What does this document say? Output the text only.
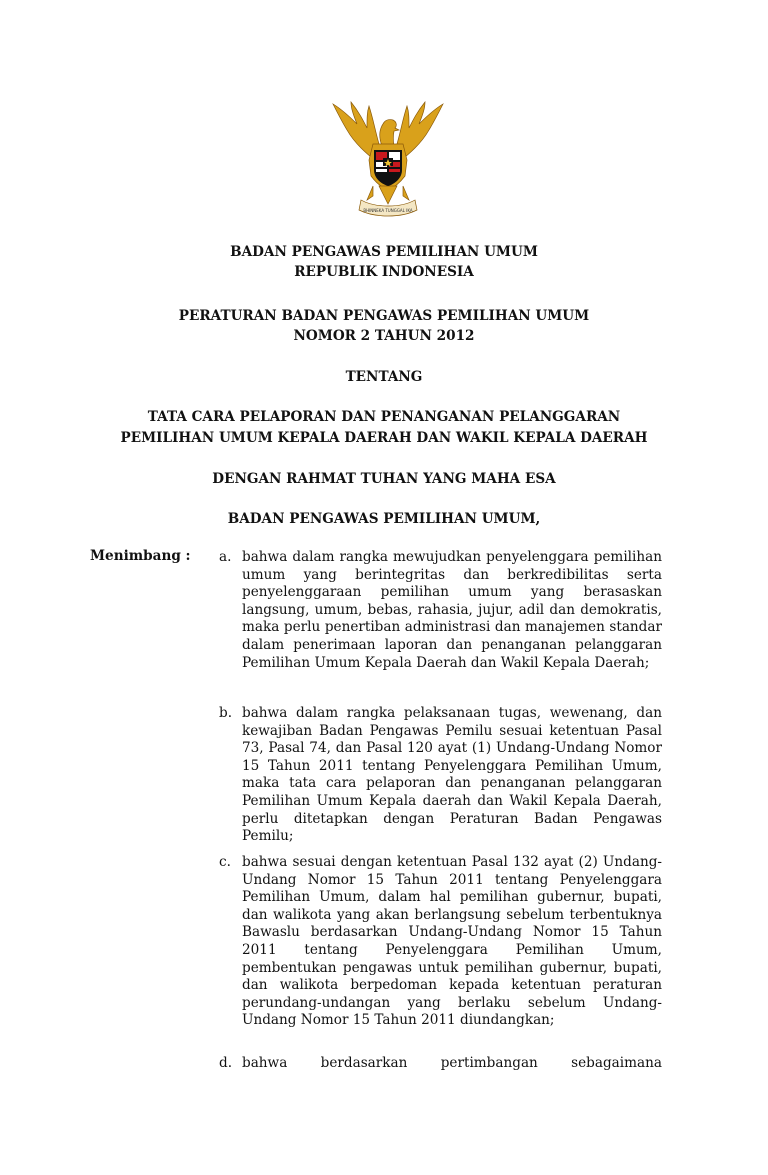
BHINNEKA TUNGGAL IKA
BADAN PENGAWAS PEMILIHAN UMUM
REPUBLIK INDONESIA
PERATURAN BADAN PENGAWAS PEMILIHAN UMUM
NOMOR 2 TAHUN 2012
TENTANG
TATA CARA PELAPORAN DAN PENANGANAN PELANGGARAN
PEMILIHAN UMUM KEPALA DAERAH DAN WAKIL KEPALA DAERAH
DENGAN RAHMAT TUHAN YANG MAHA ESA
BADAN PENGAWAS PEMILIHAN UMUM,
Menimbang : a. bahwa dalam rangka mewujudkan penyelenggara pemilihan umum yang berintegritas dan berkredibilitas serta penyelenggaraan pemilihan umum yang berasaskan langsung, umum, bebas, rahasia, jujur, adil dan demokratis, maka perlu penertiban administrasi dan manajemen standar dalam penerimaan laporan dan penanganan pelanggaran Pemilihan Umum Kepala Daerah dan Wakil Kepala Daerah;
b. bahwa dalam rangka pelaksanaan tugas, wewenang, dan kewajiban Badan Pengawas Pemilu sesuai ketentuan Pasal 73, Pasal 74, dan Pasal 120 ayat (1) Undang-Undang Nomor 15 Tahun 2011 tentang Penyelenggara Pemilihan Umum, maka tata cara pelaporan dan penanganan pelanggaran Pemilihan Umum Kepala daerah dan Wakil Kepala Daerah, perlu ditetapkan dengan Peraturan Badan Pengawas Pemilu;
c. bahwa sesuai dengan ketentuan Pasal 132 ayat (2) Undang-Undang Nomor 15 Tahun 2011 tentang Penyelenggara Pemilihan Umum, dalam hal pemilihan gubernur, bupati, dan walikota yang akan berlangsung sebelum terbentuknya Bawaslu berdasarkan Undang-Undang Nomor 15 Tahun 2011 tentang Penyelenggara Pemilihan Umum, pembentukan pengawas untuk pemilihan gubernur, bupati, dan walikota berpedoman kepada ketentuan peraturan perundang-undangan yang berlaku sebelum Undang-Undang Nomor 15 Tahun 2011 diundangkan;
d. bahwa berdasarkan pertimbangan sebagaimana
